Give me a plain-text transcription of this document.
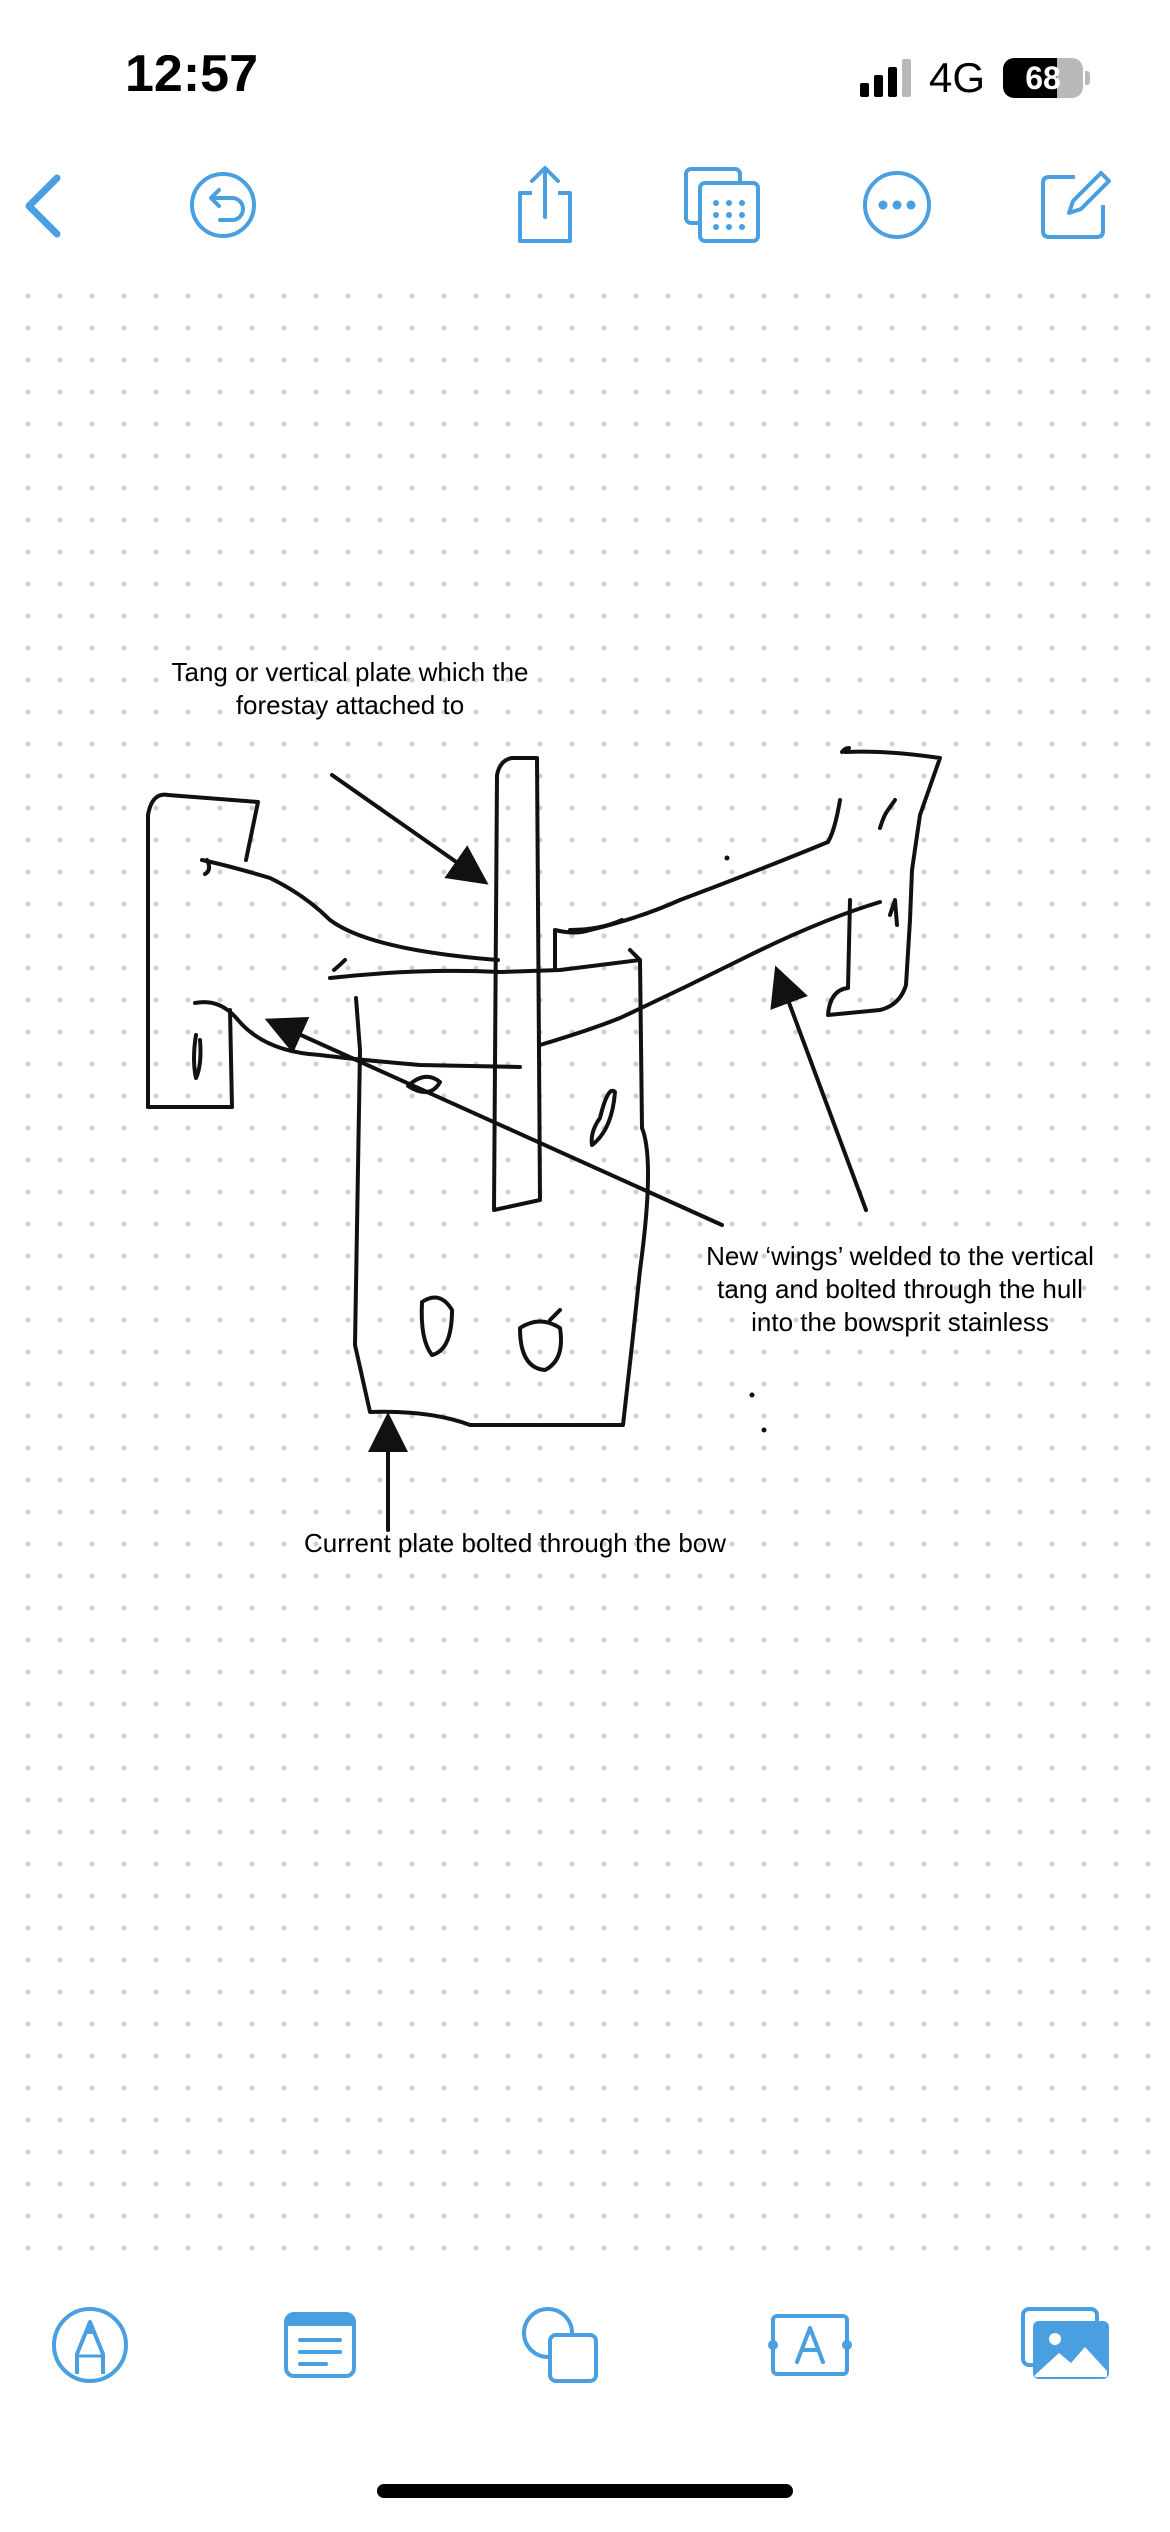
12:57	4G	68
Tang or vertical plate which the
forestay attached to
New ‘wings’ welded to the vertical
tang and bolted through the hull
into the bowsprit stainless
Current plate bolted through the bow
